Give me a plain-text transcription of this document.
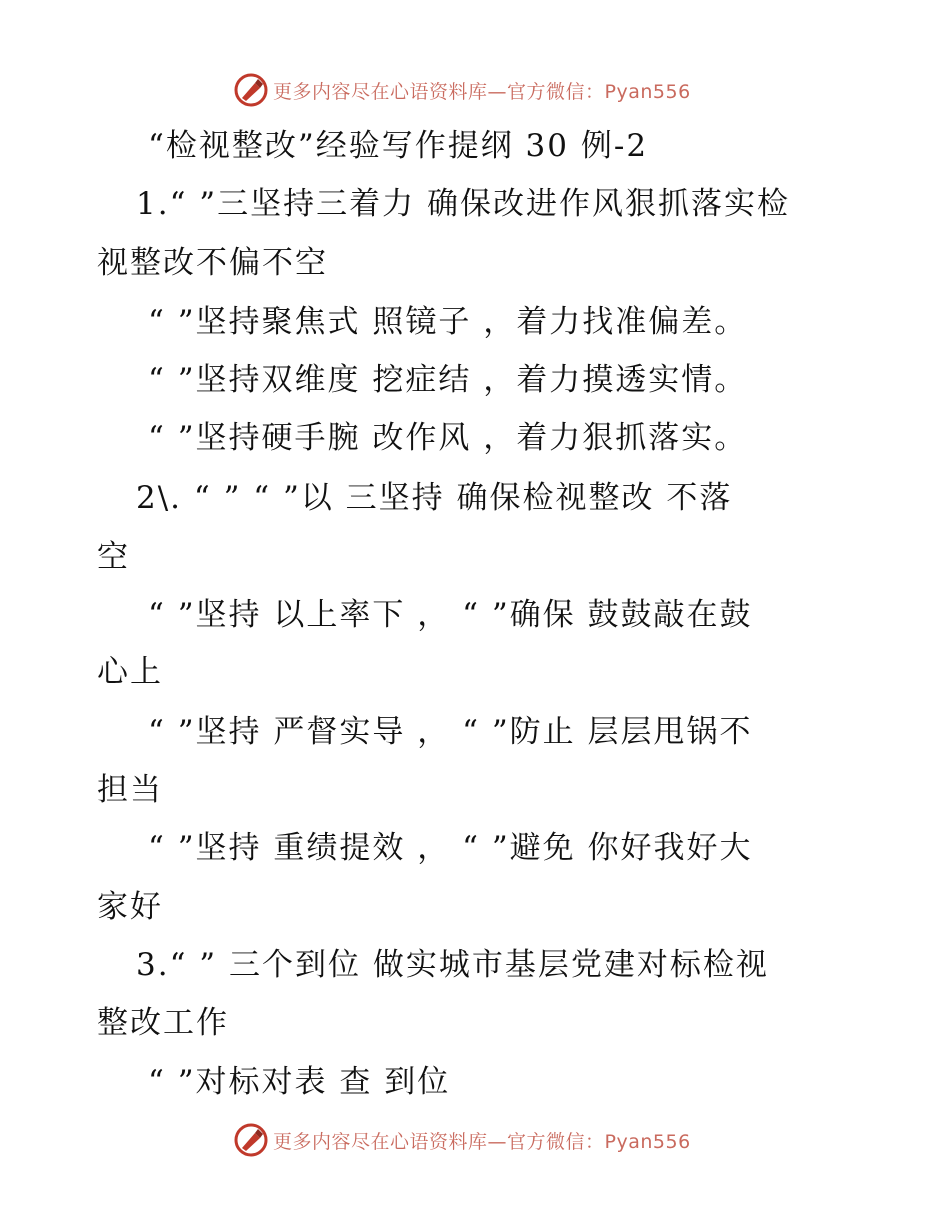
更多内容尽在心语资料库—官方微信：Pyan556
“检视整改”经验写作提纲 30 例-2
1.“ ”三坚持三着力 确保改进作风狠抓落实检
视整改不偏不空
“ ”坚持聚焦式 照镜子 ，着力找准偏差。
“ ”坚持双维度 挖症结 ，着力摸透实情。
“ ”坚持硬手腕 改作风 ，着力狠抓落实。
2\. “ ” “ ”以 三坚持 确保检视整改 不落
空
“ ”坚持 以上率下 ， “ ”确保 鼓鼓敲在鼓
心上
“ ”坚持 严督实导 ， “ ”防止 层层甩锅不
担当
“ ”坚持 重绩提效 ， “ ”避免 你好我好大
家好
3.“ ” 三个到位 做实城市基层党建对标检视
整改工作
“ ”对标对表 查 到位
更多内容尽在心语资料库—官方微信：Pyan556
